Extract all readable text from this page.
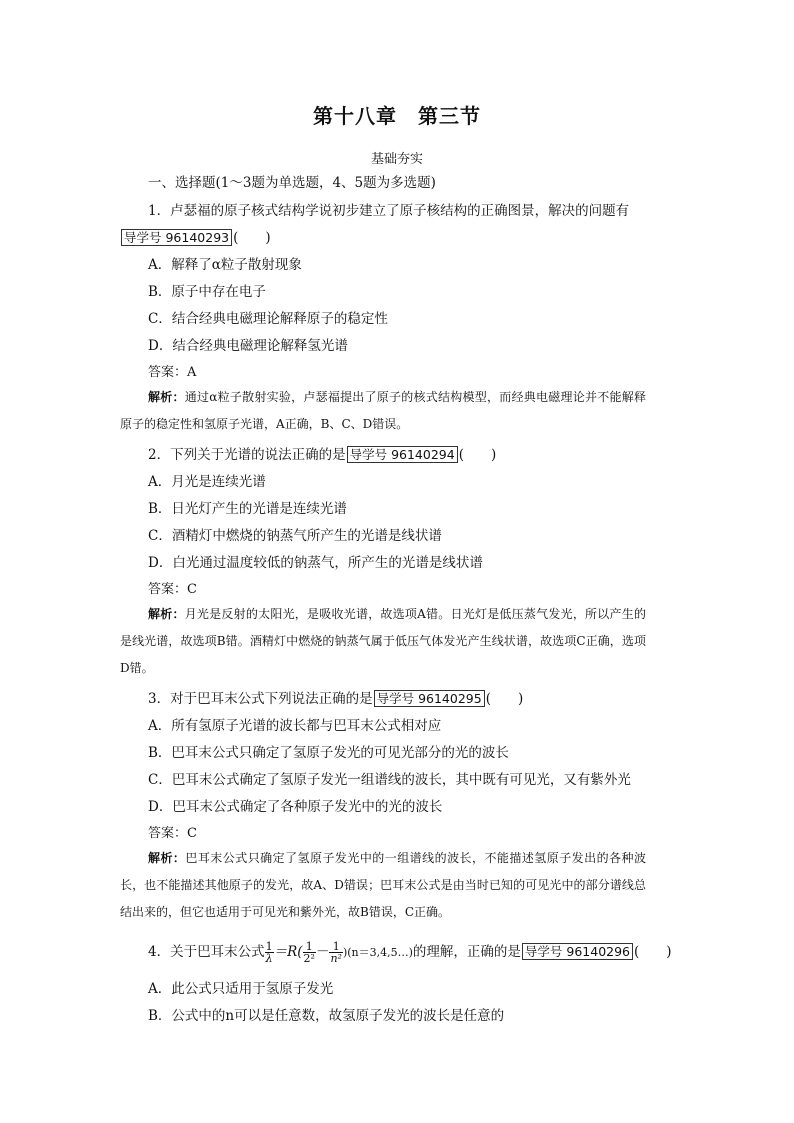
第十八章　第三节
基础夯实
一、选择题(1～3题为单选题，4、5题为多选题)
1．卢瑟福的原子核式结构学说初步建立了原子核结构的正确图景，解决的问题有
导学号 96140293 (　　)
A．解释了α粒子散射现象
B．原子中存在电子
C．结合经典电磁理论解释原子的稳定性
D．结合经典电磁理论解释氢光谱
答案：A
解析：通过α粒子散射实验，卢瑟福提出了原子的核式结构模型，而经典电磁理论并不能解释原子的稳定性和氢原子光谱，A正确，B、C、D错误。
2．下列关于光谱的说法正确的是 导学号 96140294 (　　)
A．月光是连续光谱
B．日光灯产生的光谱是连续光谱
C．酒精灯中燃烧的钠蒸气所产生的光谱是线状谱
D．白光通过温度较低的钠蒸气，所产生的光谱是线状谱
答案：C
解析：月光是反射的太阳光，是吸收光谱，故选项A错。日光灯是低压蒸气发光，所以产生的是线光谱，故选项B错。酒精灯中燃烧的钠蒸气属于低压气体发光产生线状谱，故选项C正确，选项D错。
3．对于巴耳末公式下列说法正确的是 导学号 96140295 (　　)
A．所有氢原子光谱的波长都与巴耳末公式相对应
B．巴耳末公式只确定了氢原子发光的可见光部分的光的波长
C．巴耳末公式确定了氢原子发光一组谱线的波长，其中既有可见光，又有紫外光
D．巴耳末公式确定了各种原子发光中的光的波长
答案：C
解析：巴耳末公式只确定了氢原子发光中的一组谱线的波长，不能描述氢原子发出的各种波长，也不能描述其他原子的发光，故A、D错误；巴耳末公式是由当时已知的可见光中的部分谱线总结出来的，但它也适用于可见光和紫外光，故B错误，C正确。
4．关于巴耳末公式 $\frac{1}{\lambda} =R( \frac{1}{\text{2²}} - \frac{1}{\text{n²}}$ )(n＝3,4,5…)的理解，正确的是 导学号 96140296 (　　)
A．此公式只适用于氢原子发光
B．公式中的n可以是任意数，故氢原子发光的波长是任意的
